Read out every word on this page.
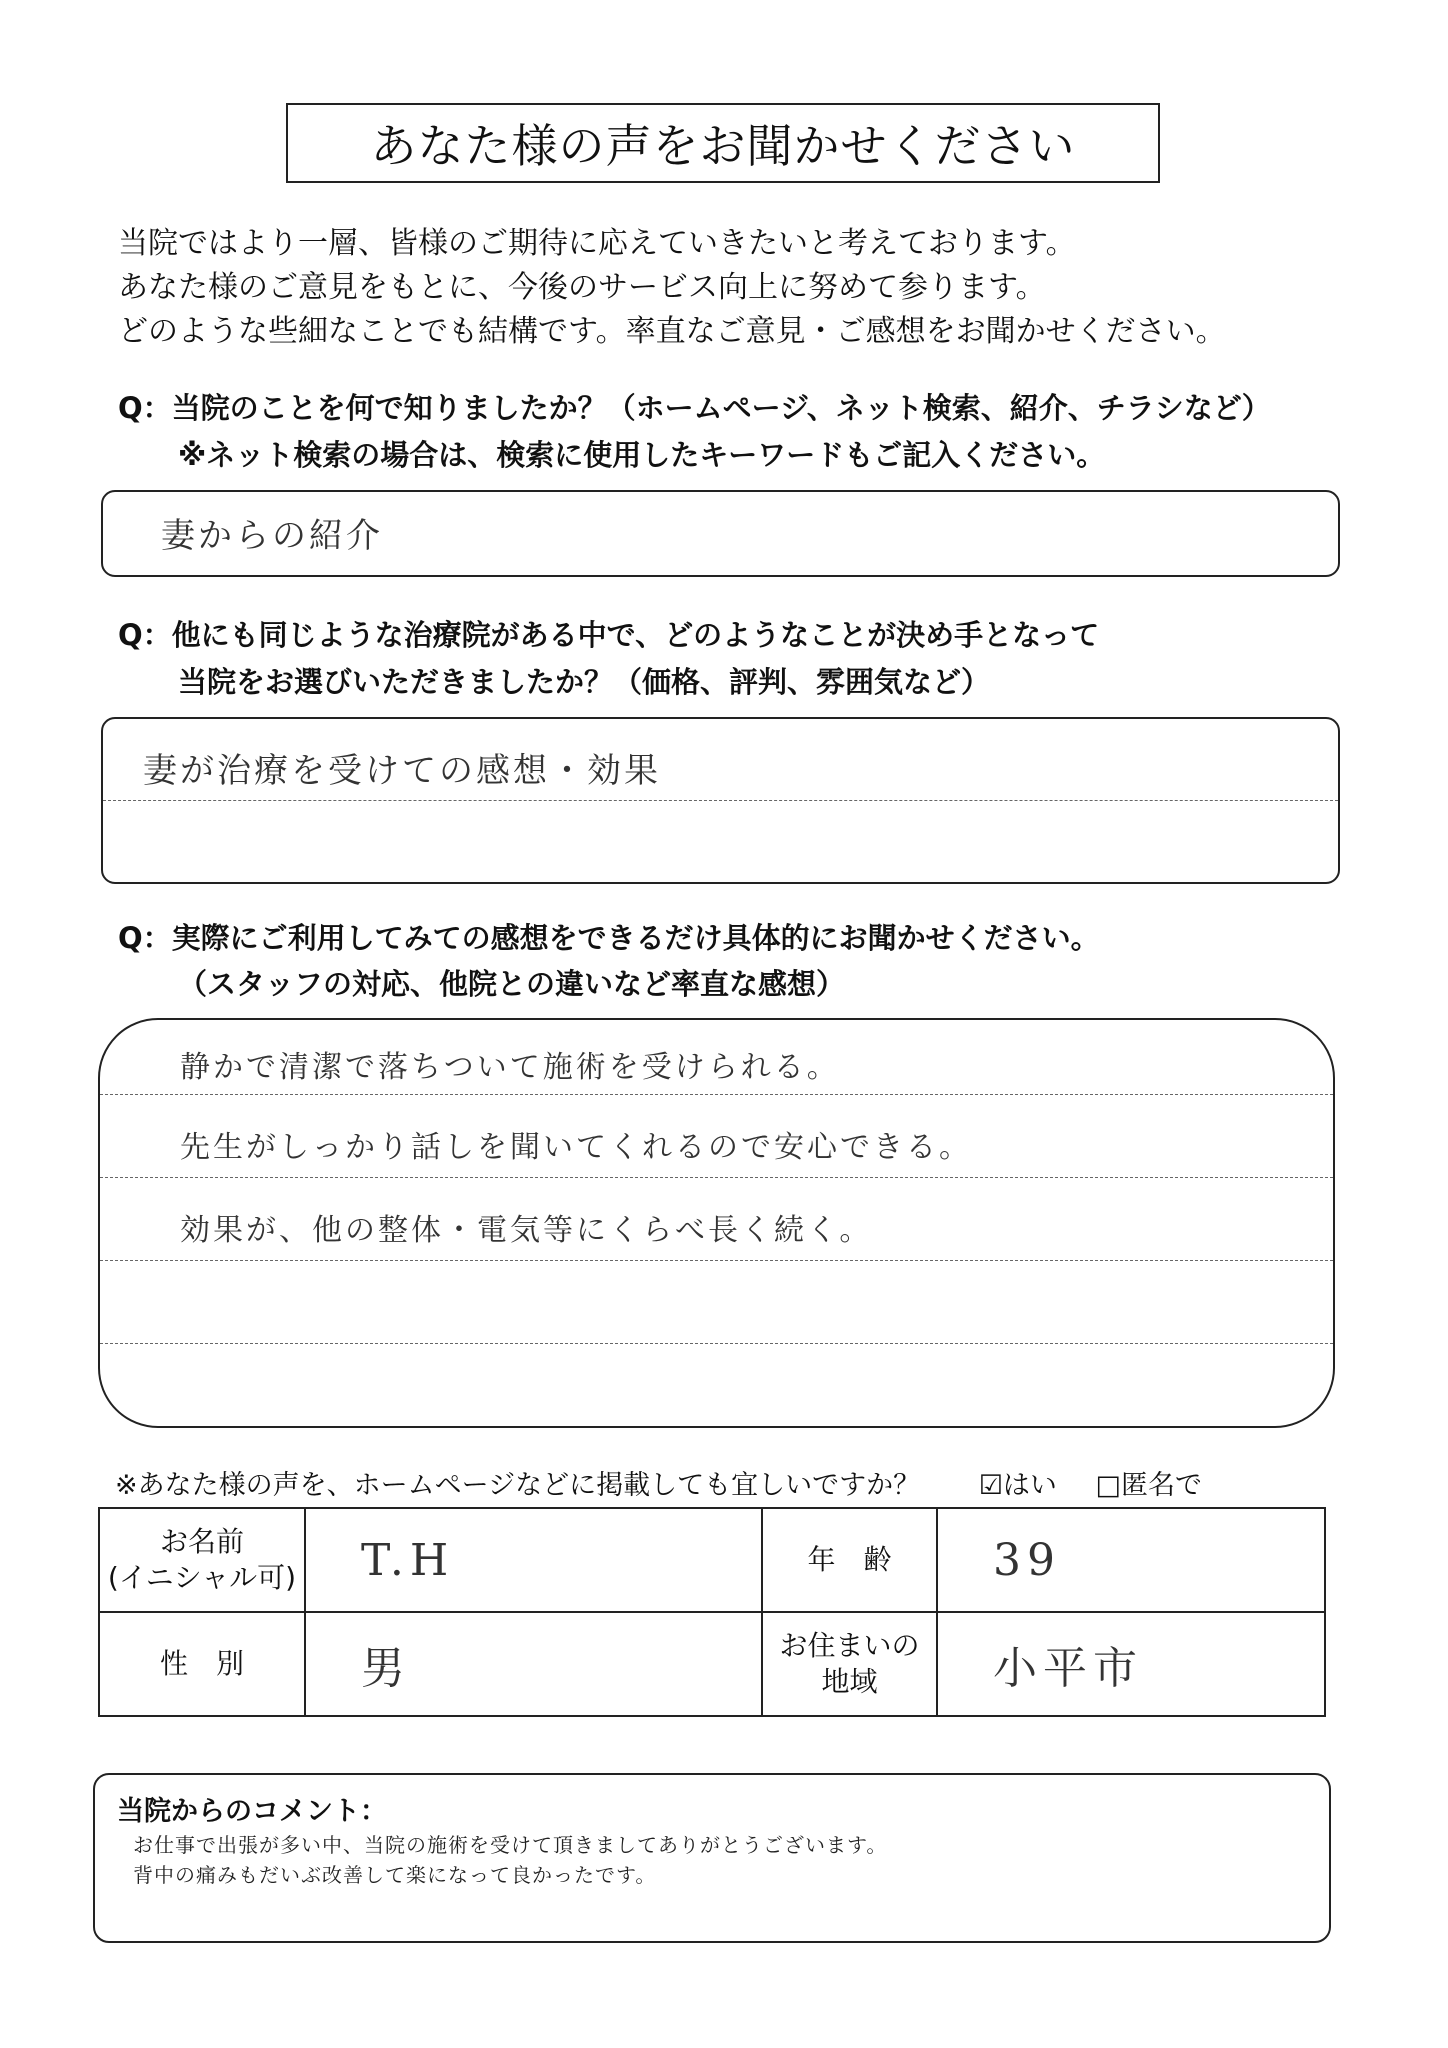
あなた様の声をお聞かせください
当院ではより一層、皆様のご期待に応えていきたいと考えております。
あなた様のご意見をもとに、今後のサービス向上に努めて参ります。
どのような些細なことでも結構です。率直なご意見・ご感想をお聞かせください。
Q：当院のことを何で知りましたか？（ホームページ、ネット検索、紹介、チラシなど）
※ネット検索の場合は、検索に使用したキーワードもご記入ください。
妻からの紹介
Q：他にも同じような治療院がある中で、どのようなことが決め手となって
当院をお選びいただきましたか？（価格、評判、雰囲気など）
妻が治療を受けての感想・効果
Q：実際にご利用してみての感想をできるだけ具体的にお聞かせください。
（スタッフの対応、他院との違いなど率直な感想）
静かで清潔で落ちついて施術を受けられる。
先生がしっかり話しを聞いてくれるので安心できる。
効果が、他の整体・電気等にくらべ長く続く。
※あなた様の声を、ホームページなどに掲載しても宜しいですか？ ☑はい □匿名で
お名前
(イニシャル可)	T.H	年　齢	39
性　別	男	お住まいの
地域	小平市
当院からのコメント：
お仕事で出張が多い中、当院の施術を受けて頂きましてありがとうございます。
背中の痛みもだいぶ改善して楽になって良かったです。
